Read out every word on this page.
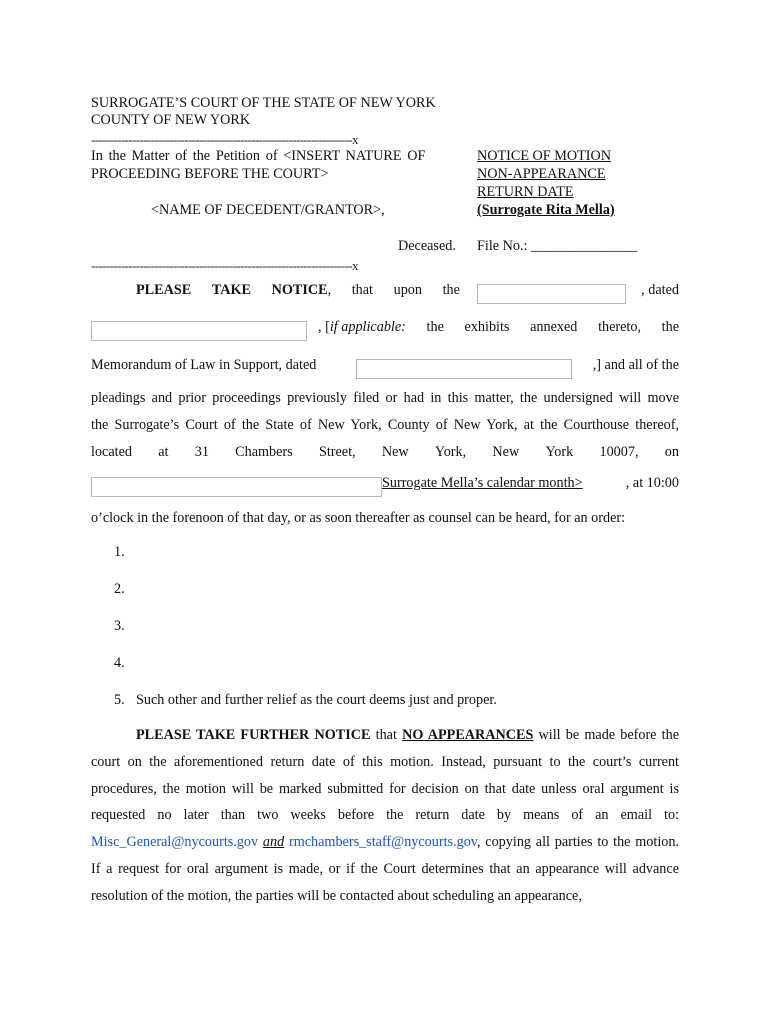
SURROGATE’S COURT OF THE STATE OF NEW YORK
COUNTY OF NEW YORK
----------------------------------------------------------------------x
In the Matter of the Petition of <INSERT NATURE OF
PROCEEDING BEFORE THE COURT>
<NAME OF DECEDENT/GRANTOR>,
Deceased.
----------------------------------------------------------------------x
NOTICE OF MOTION
NON-APPEARANCE
RETURN DATE
(Surrogate Rita Mella)
File No.: _______________
PLEASE TAKE NOTICE, that upon the	, dated
, [if applicable: the exhibits annexed thereto, the
Memorandum of Law in Support, dated	,] and all of the
pleadings and prior proceedings previously filed or had in this matter, the undersigned will move
the Surrogate’s Court of the State of New York, County of New York, at the Courthouse thereof,
located at 31 Chambers Street, New York, New York 10007, on
Surrogate Mella’s calendar month>	, at 10:00
o’clock in the forenoon of that day, or as soon thereafter as counsel can be heard, for an order:
1.
2.
3.
4.
5. Such other and further relief as the court deems just and proper.

PLEASE TAKE FURTHER NOTICE that NO APPEARANCES will be made before the court on the aforementioned return date of this motion. Instead, pursuant to the court’s current procedures, the motion will be marked submitted for decision on that date unless oral argument is requested no later than two weeks before the return date by means of an email to: Misc_General@nycourts.gov and rmchambers_staff@nycourts.gov, copying all parties to the motion. If a request for oral argument is made, or if the Court determines that an appearance will advance resolution of the motion, the parties will be contacted about scheduling an appearance,
